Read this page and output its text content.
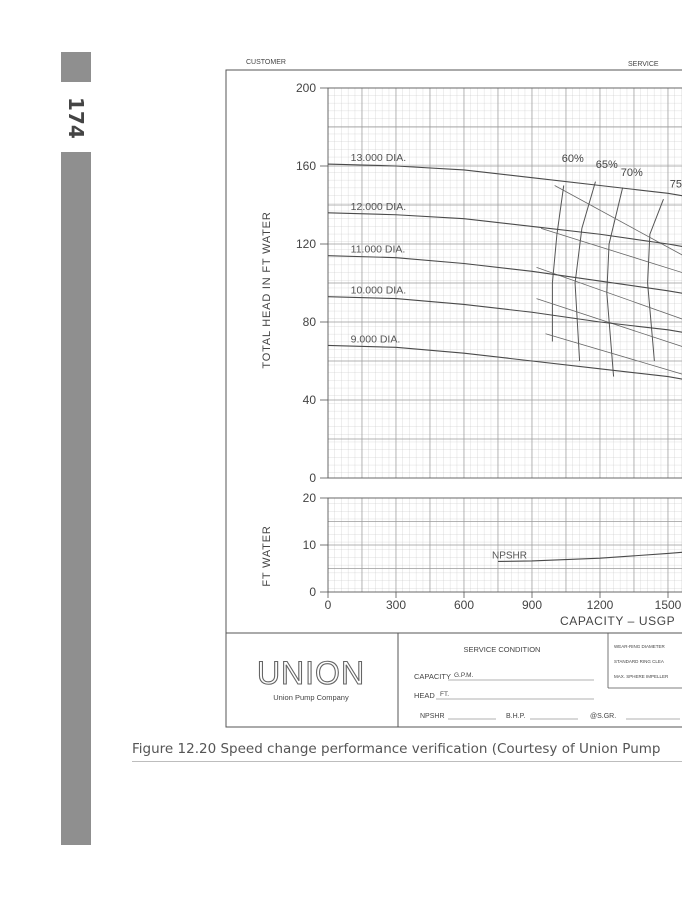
174
CUSTOMER	SERVICE
0
40
80
120
160
200
TOTAL HEAD IN FT WATER
13.000 DIA.
12.000 DIA.
11.000 DIA.
10.000 DIA.
9.000 DIA.
60% 65%
70%
75
0
10
20
FT WATER	NPSHR
0	300	600	900	1200	1500
CAPACITY – USGP
UNION
Union Pump Company
SERVICE CONDITION
CAPACITY G.P.M.
HEAD FT.
NPSHR	B.H.P.	@S.GR.
WEAR-RING DIAMETER
STANDARD RING CLEA
MAX. SPHERE IMPELLER
Figure 12.20 Speed change performance verification (Courtesy of Union Pump
